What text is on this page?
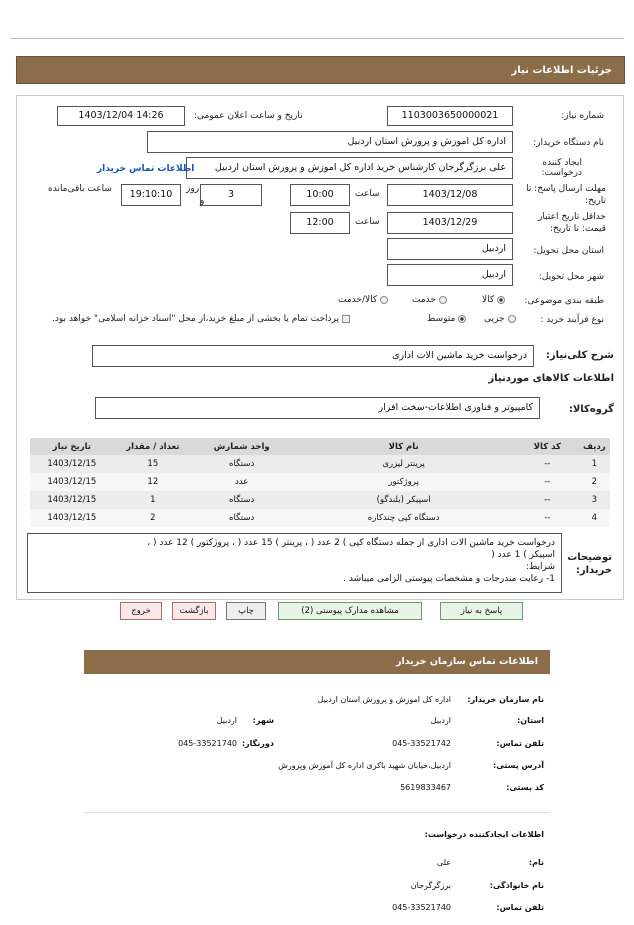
جزئیات اطلاعات نیاز
شماره نیاز:
1103003650000021
تاریخ و ساعت اعلان عمومی:
1403/12/04 14:26
نام دستگاه خریدار:
اداره کل اموزش و پرورش استان اردبیل
ایجاد کننده درخواست:
علی برزگرگرجان کارشناس خرید اداره کل اموزش و پرورش استان اردبیل
اطلاعات تماس خریدار
مهلت ارسال پاسخ: تا تاریخ:
1403/12/08
ساعت
10:00
3
روز
و
19:10:10
ساعت باقی‌مانده
حداقل تاریخ اعتبار قیمت: تا تاریخ:
1403/12/29
ساعت
12:00
استان محل تحویل:
اردبیل
شهر محل تحویل:
اردبیل
طبقه بندی موضوعی:
کالا
خدمت
کالا/خدمت
نوع فرآیند خرید :
جزیی
متوسط
پرداخت تمام یا بخشی از مبلغ خرید،از محل "اسناد خزانه اسلامی" خواهد بود.
شرح کلی‌نیاز:
درخواست خرید ماشین الات اداری
اطلاعات کالاهای موردنیاز
گروه‌کالا:
کامپیوتر و فناوری اطلاعات-سخت افزار
ردیف	کد کالا	نام کالا	واحد شمارش	تعداد / مقدار	تاریخ نیاز
1	--	پرینتر لیزری	دستگاه	15	1403/12/15
2	--	پروژکتور	عدد	12	1403/12/15
3	--	اسپیکر (بلندگو)	دستگاه	1	1403/12/15
4	--	دستگاه کپی چندکاره	دستگاه	2	1403/12/15
توضیحات خریدار:
درخواست خرید ماشین الات اداری از جمله دستگاه کپی ) 2 عدد ( ، پرینتر ) 15 عدد ( ، پروژکتور ) 12 عدد ( ،
اسپیکر ) 1 عدد (
شرایط:
1- رعایت مندرجات و مشخصات پیوستی الزامی میباشد .
پاسخ به نیاز
مشاهده مدارک پیوستی (2)
چاپ
بازگشت
خروج
اطلاعات تماس سازمان خریدار
نام سازمان خریدار:
اداره کل اموزش و پرورش استان اردبیل
استان:
اردبیل
شهر:
اردبیل
تلفن تماس:
045-33521742
دورنگار:
045-33521740
آدرس پستی:
اردبیل،خیابان شهید باکری اداره کل آموزش وپرورش
کد پستی:
5619833467
اطلاعات ایجادکننده درخواست:
نام:
علی
نام خانوادگی:
برزگرگرجان
تلفن تماس:
045-33521740
